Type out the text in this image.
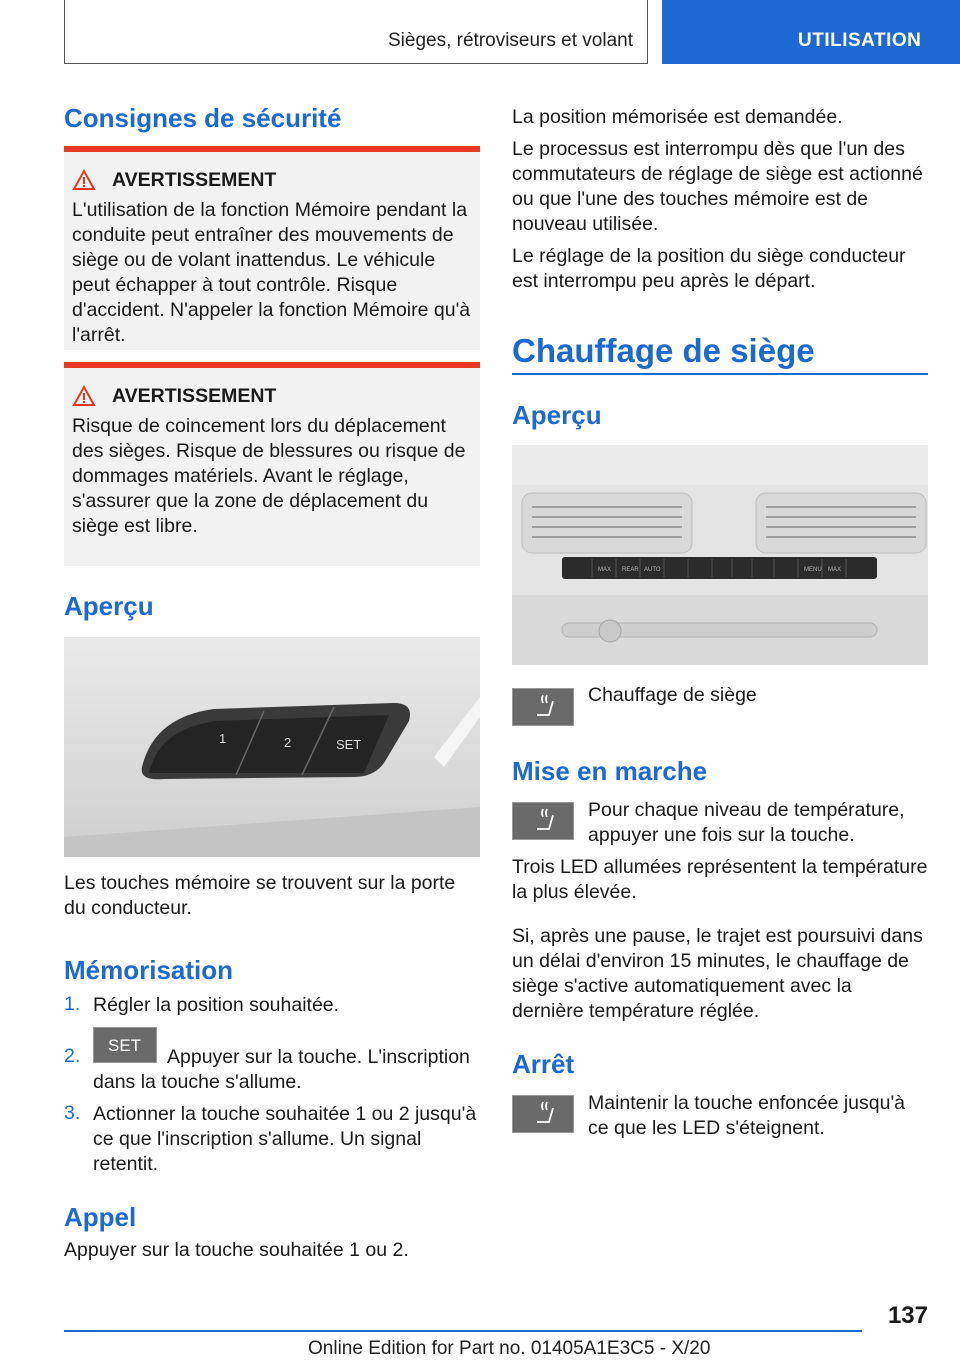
Sièges, rétroviseurs et volant	UTILISATION
Consignes de sécurité
AVERTISSEMENT

L'utilisation de la fonction Mémoire pendant la conduite peut entraîner des mouvements de siège ou de volant inattendus. Le véhicule peut échapper à tout contrôle. Risque d'accident. N'appeler la fonction Mémoire qu'à l'arrêt.

AVERTISSEMENT

Risque de coincement lors du déplacement des sièges. Risque de blessures ou risque de dommages matériels. Avant le réglage, s'assurer que la zone de déplacement du siège est libre.

Aperçu
1	2	SET

Les touches mémoire se trouvent sur la porte du conducteur.

Mémorisation
1. Régler la position souhaitée.
2. SET
Appuyer sur la touche. L'inscription dans la touche s'allume.
3. Actionner la touche souhaitée 1 ou 2 jusqu'à ce que l'inscription s'allume. Un signal retentit.
Appel

Appuyer sur la touche souhaitée 1 ou 2.

La position mémorisée est demandée.

Le processus est interrompu dès que l'un des commutateurs de réglage de siège est actionné ou que l'une des touches mémoire est de nouveau utilisée.

Le réglage de la position du siège conducteur est interrompu peu après le départ.

Chauffage de siège
Aperçu
MAX REAR AUTO	MENU MAX

Chauffage de siège

Mise en marche

Pour chaque niveau de température, appuyer une fois sur la touche.

Trois LED allumées représentent la température la plus élevée.

Si, après une pause, le trajet est poursuivi dans un délai d'environ 15 minutes, le chauffage de siège s'active automatiquement avec la dernière température réglée.

Arrêt

Maintenir la touche enfoncée jusqu'à ce que les LED s'éteignent.

137
Online Edition for Part no. 01405A1E3C5 - X/20
